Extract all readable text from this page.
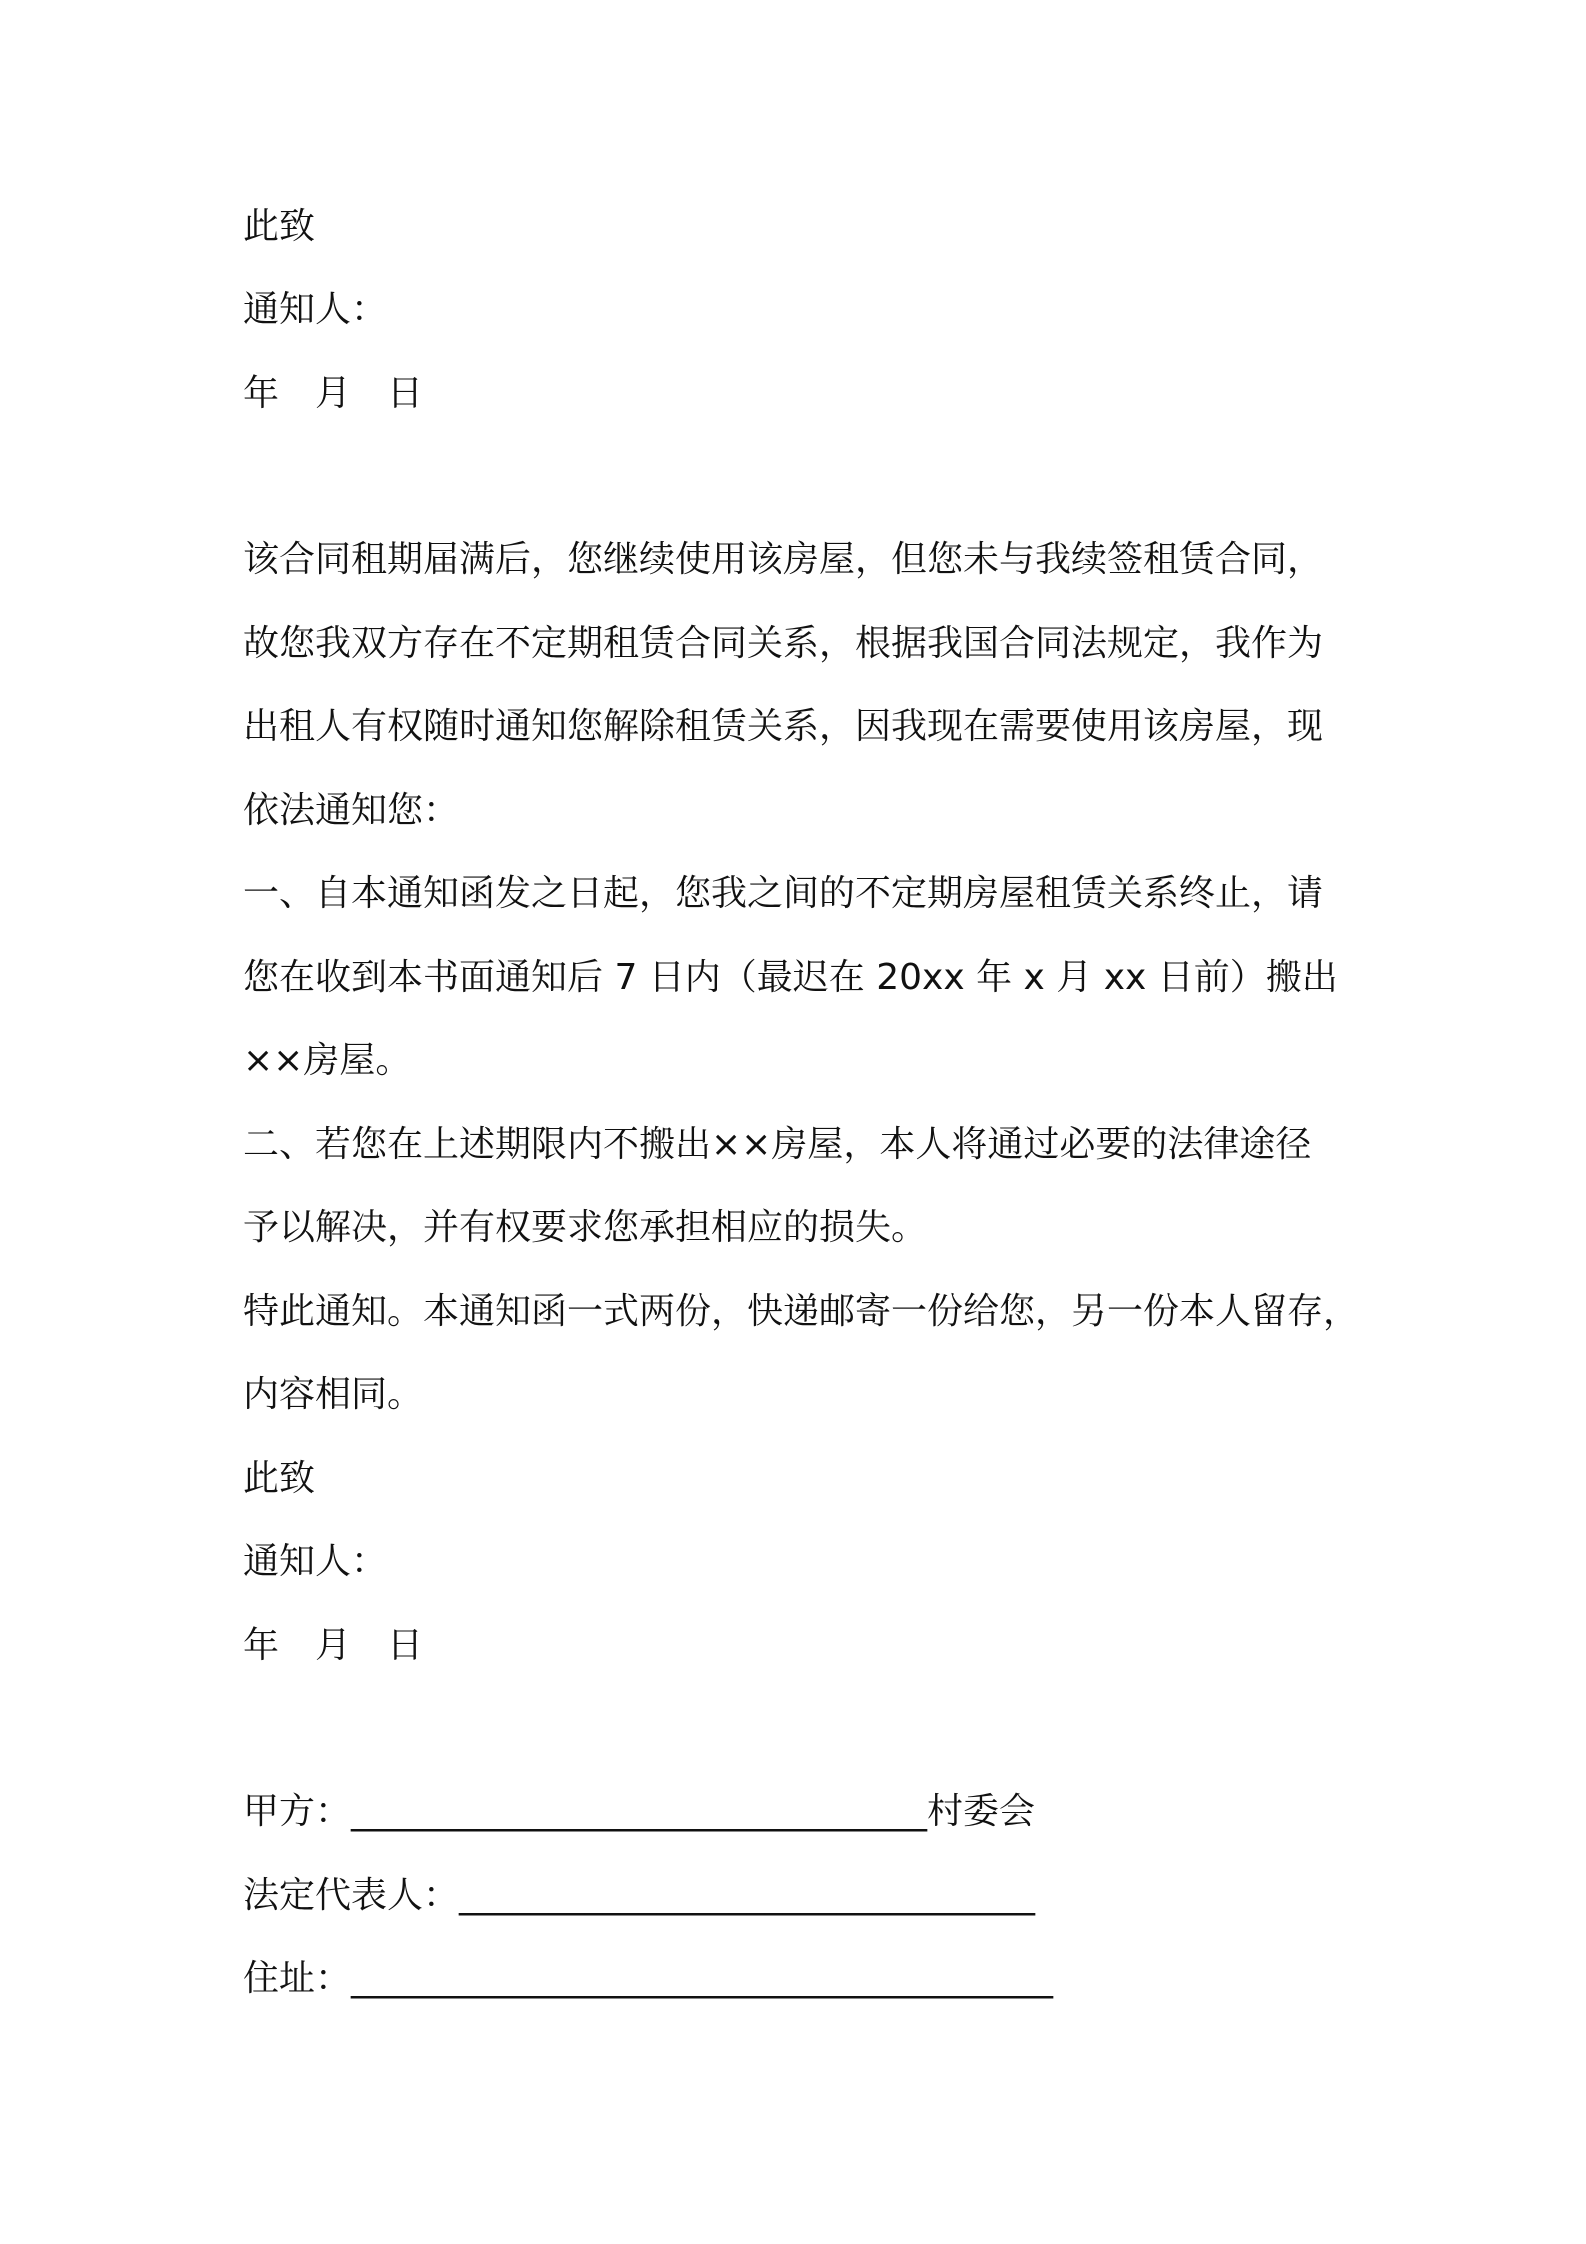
此致
通知人：
年　月　日
该合同租期届满后，您继续使用该房屋，但您未与我续签租赁合同，
故您我双方存在不定期租赁合同关系，根据我国合同法规定，我作为
出租人有权随时通知您解除租赁关系，因我现在需要使用该房屋，现
依法通知您：
一、自本通知函发之日起，您我之间的不定期房屋租赁关系终止，请
您在收到本书面通知后 7 日内（最迟在 20xx 年 x 月 xx 日前）搬出
××房屋。
二、若您在上述期限内不搬出××房屋，本人将通过必要的法律途径
予以解决，并有权要求您承担相应的损失。
特此通知。本通知函一式两份，快递邮寄一份给您，另一份本人留存，
内容相同。
此致
通知人：
年　月　日
甲方：________________________________村委会
法定代表人：________________________________
住址：_______________________________________
